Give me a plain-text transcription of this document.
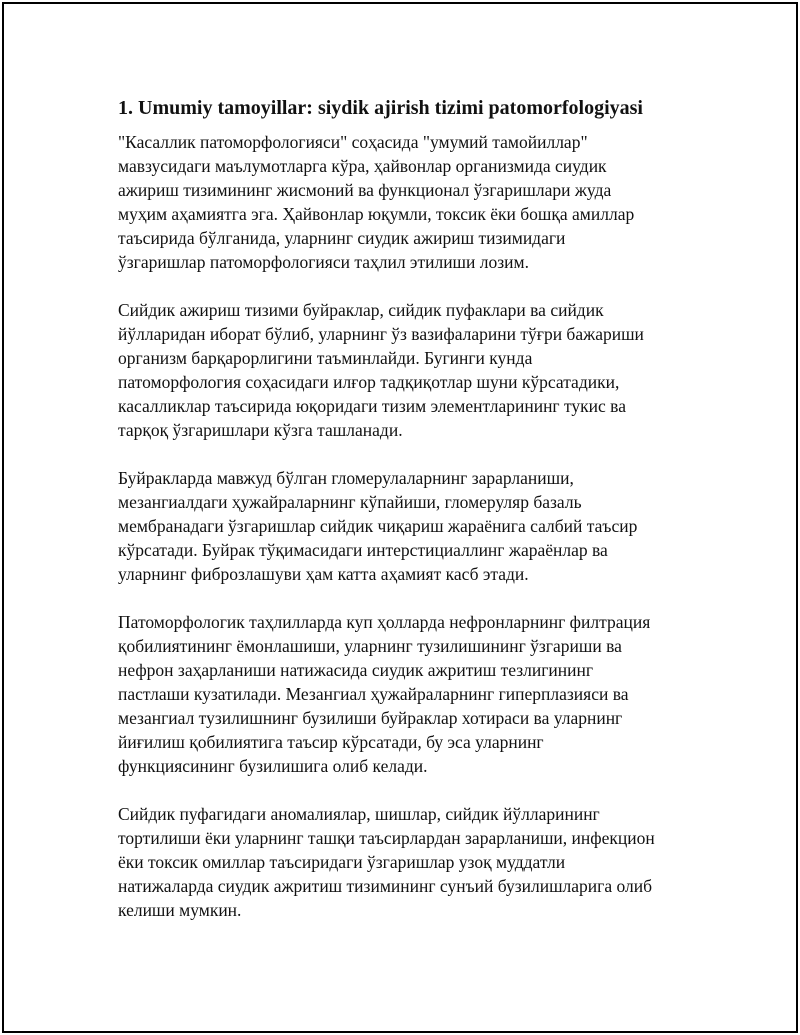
1. Umumiy tamoyillar: siydik ajirish tizimi patomorfologiyasi

"Касаллик патоморфологияси" соҳасида "умумий тамойиллар"
мавзусидаги маълумотларга кўра, ҳайвонлар организмида сиудик
ажириш тизимининг жисмоний ва функционал ўзгаришлари жуда
муҳим аҳамиятга эга. Ҳайвонлар юқумли, токсик ёки бошқа амиллар
таъсирида бўлганида, уларнинг сиудик ажириш тизимидаги
ўзгаришлар патоморфологияси таҳлил этилиши лозим.

Сийдик ажириш тизими буйраклар, сийдик пуфаклари ва сийдик
йўлларидан иборат бўлиб, уларнинг ўз вазифаларини тўғри бажариши
организм барқарорлигини таъминлайди. Бугинги кунда
патоморфология соҳасидаги илғор тадқиқотлар шуни кўрсатадики,
касалликлар таъсирида юқоридаги тизим элементларининг тукис ва
тарқоқ ўзгаришлари кўзга ташланади.

Буйракларда мавжуд бўлган гломерулаларнинг зарарланиши,
мезангиалдаги ҳужайраларнинг кўпайиши, гломеруляр базаль
мембранадаги ўзгаришлар сийдик чиқариш жараёнига салбий таъсир
кўрсатади. Буйрак тўқимасидаги интерстициаллинг жараёнлар ва
уларнинг фиброзлашуви ҳам катта аҳамият касб этади.

Патоморфологик таҳлилларда куп ҳолларда нефронларнинг филтрация
қобилиятининг ёмонлашиши, уларнинг тузилишининг ўзгариши ва
нефрон заҳарланиши натижасида сиудик ажритиш тезлигининг
пастлаши кузатилади. Мезангиал ҳужайраларнинг гиперплазияси ва
мезангиал тузилишнинг бузилиши буйраклар хотираси ва уларнинг
йиғилиш қобилиятига таъсир кўрсатади, бу эса уларнинг
функциясининг бузилишига олиб келади.

Сийдик пуфагидаги аномалиялар, шишлар, сийдик йўлларининг
тортилиши ёки уларнинг ташқи таъсирлардан зарарланиши, инфекцион
ёки токсик омиллар таъсиридаги ўзгаришлар узоқ муддатли
натижаларда сиудик ажритиш тизимининг сунъий бузилишларига олиб
келиши мумкин.
